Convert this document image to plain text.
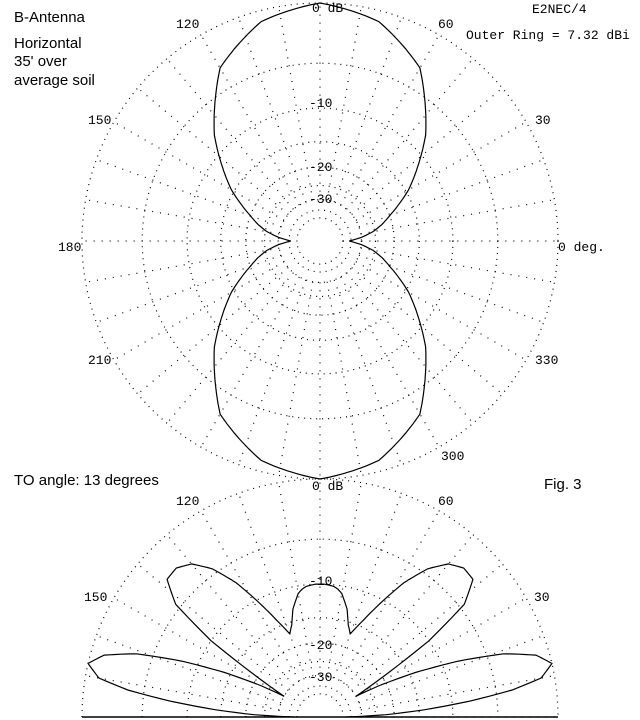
B-Antenna
Horizontal
35' over
average soil
E2NEC/4
Outer Ring = 7.32 dBi
0 deg.
30
60
0 dB
120
150
180
210
300
330
-10
-20
-30
TO angle: 13 degrees	Fig. 3
0 dB
120	60
150	30
-10
-20
-30
